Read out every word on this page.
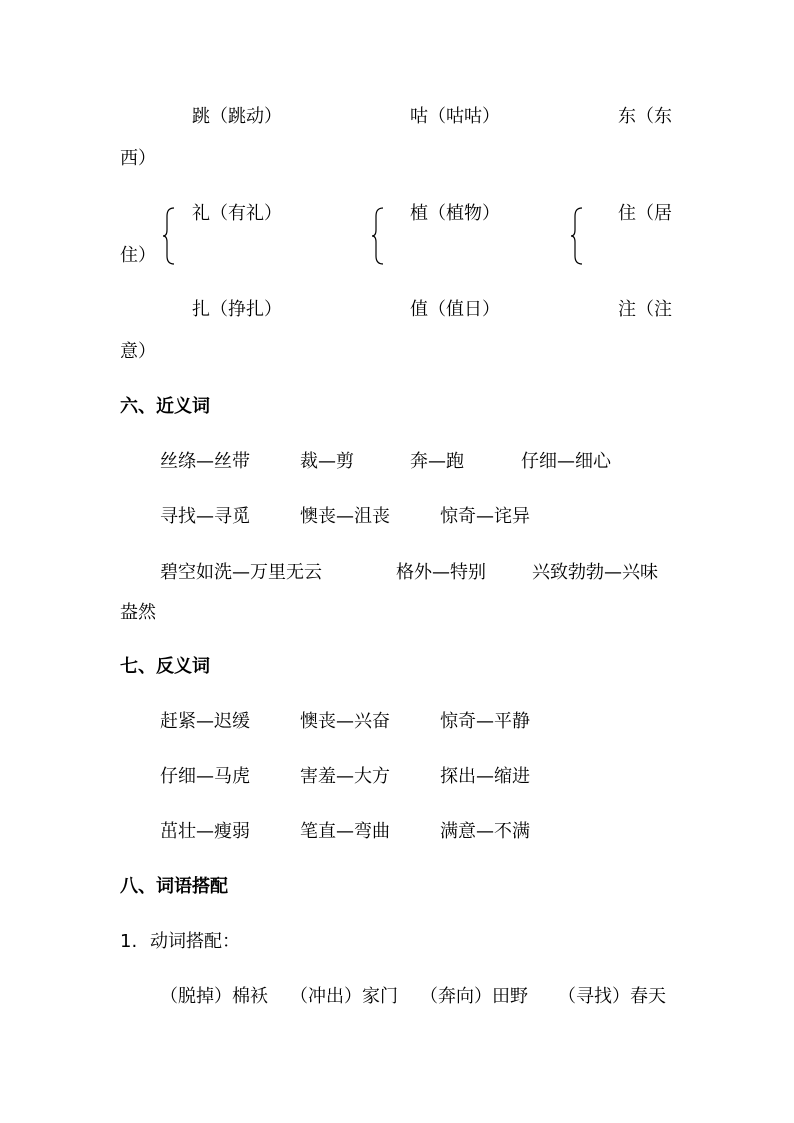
跳（跳动）	咕（咕咕）	东（东
西）
礼（有礼）	植（植物）	住（居
住）
扎（挣扎）	值（值日）	注（注
意）
六、近义词
丝绦—丝带	裁—剪	奔—跑	仔细—细心
寻找—寻觅	懊丧—沮丧	惊奇—诧异
碧空如洗—万里无云	格外—特别	兴致勃勃—兴味
盎然
七、反义词
赶紧—迟缓	懊丧—兴奋	惊奇—平静
仔细—马虎	害羞—大方	探出—缩进
茁壮—瘦弱	笔直—弯曲	满意—不满
八、词语搭配
1. 动词搭配：
（脱掉）棉袄 （冲出）家门 （奔向）田野 （寻找）春天
